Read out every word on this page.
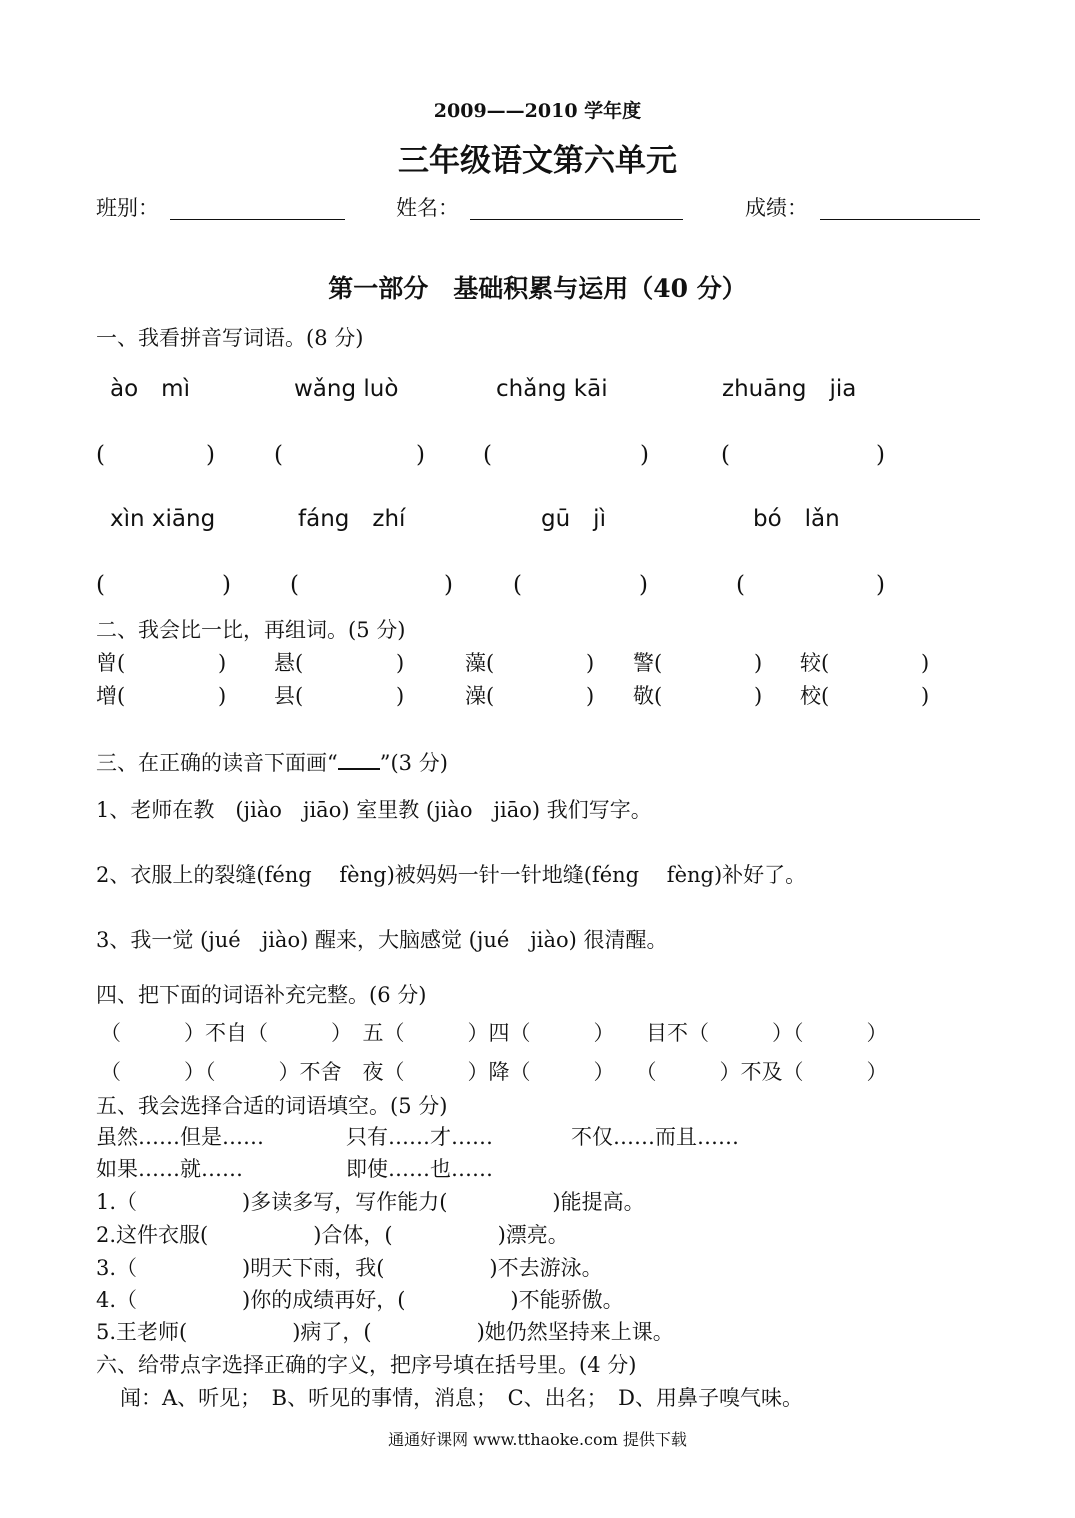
2009——2010 学年度
三年级语文第六单元
班别：	姓名：	成绩：
第一部分　基础积累与运用（40 分）
一、我看拼音写词语。(8 分)
ào　mì	wǎng luò	chǎng kāi	zhuāng　jia
(	)	(	)	(	)	(	)
xìn xiāng	fáng　zhí	gū　jì	bó　lǎn
(	)	(	)	(	)	(	)
二、我会比一比，再组词。(5 分)
曾(	) 悬(	)	藻(	) 警(	) 较(	)
增(	) 县(	)	澡(	) 敬(	) 校(	)
三、在正确的读音下面画“ ”(3 分)
1、老师在教　(jiào　jiāo) 室里教 (jiào　jiāo) 我们写字。
2、衣服上的裂缝(féng　 fèng)被妈妈一针一针地缝(féng　 fèng)补好了。
3、我一觉 (jué　jiào) 醒来，大脑感觉 (jué　jiào) 很清醒。
四、把下面的词语补充完整。(6 分)
（　　　）不自（　　　）　五（　　　）四（　　　）　　目不（　　　）（　　　）
（　　　）（　　　）不舍　夜（　　　）降（　　　）　　（　　　）不及（　　　）
五、我会选择合适的词语填空。(5 分)
虽然……但是……	只有……才……	不仅……而且……
如果……就……	即使……也……
1.（　　　　　)多读多写，写作能力(　　　　　)能提高。
2.这件衣服(　　　　　)合体，(　　　　　)漂亮。
3.（　　　　　)明天下雨，我(　　　　　)不去游泳。
4.（　　　　　)你的成绩再好，(　　　　　)不能骄傲。
5.王老师(　　　　　)病了，(　　　　　)她仍然坚持来上课。
六、给带点字选择正确的字义，把序号填在括号里。(4 分)
闻：A、听见；　B、听见的事情，消息；　C、出名；　D、用鼻子嗅气味。
通通好课网 www.tthaoke.com 提供下载
